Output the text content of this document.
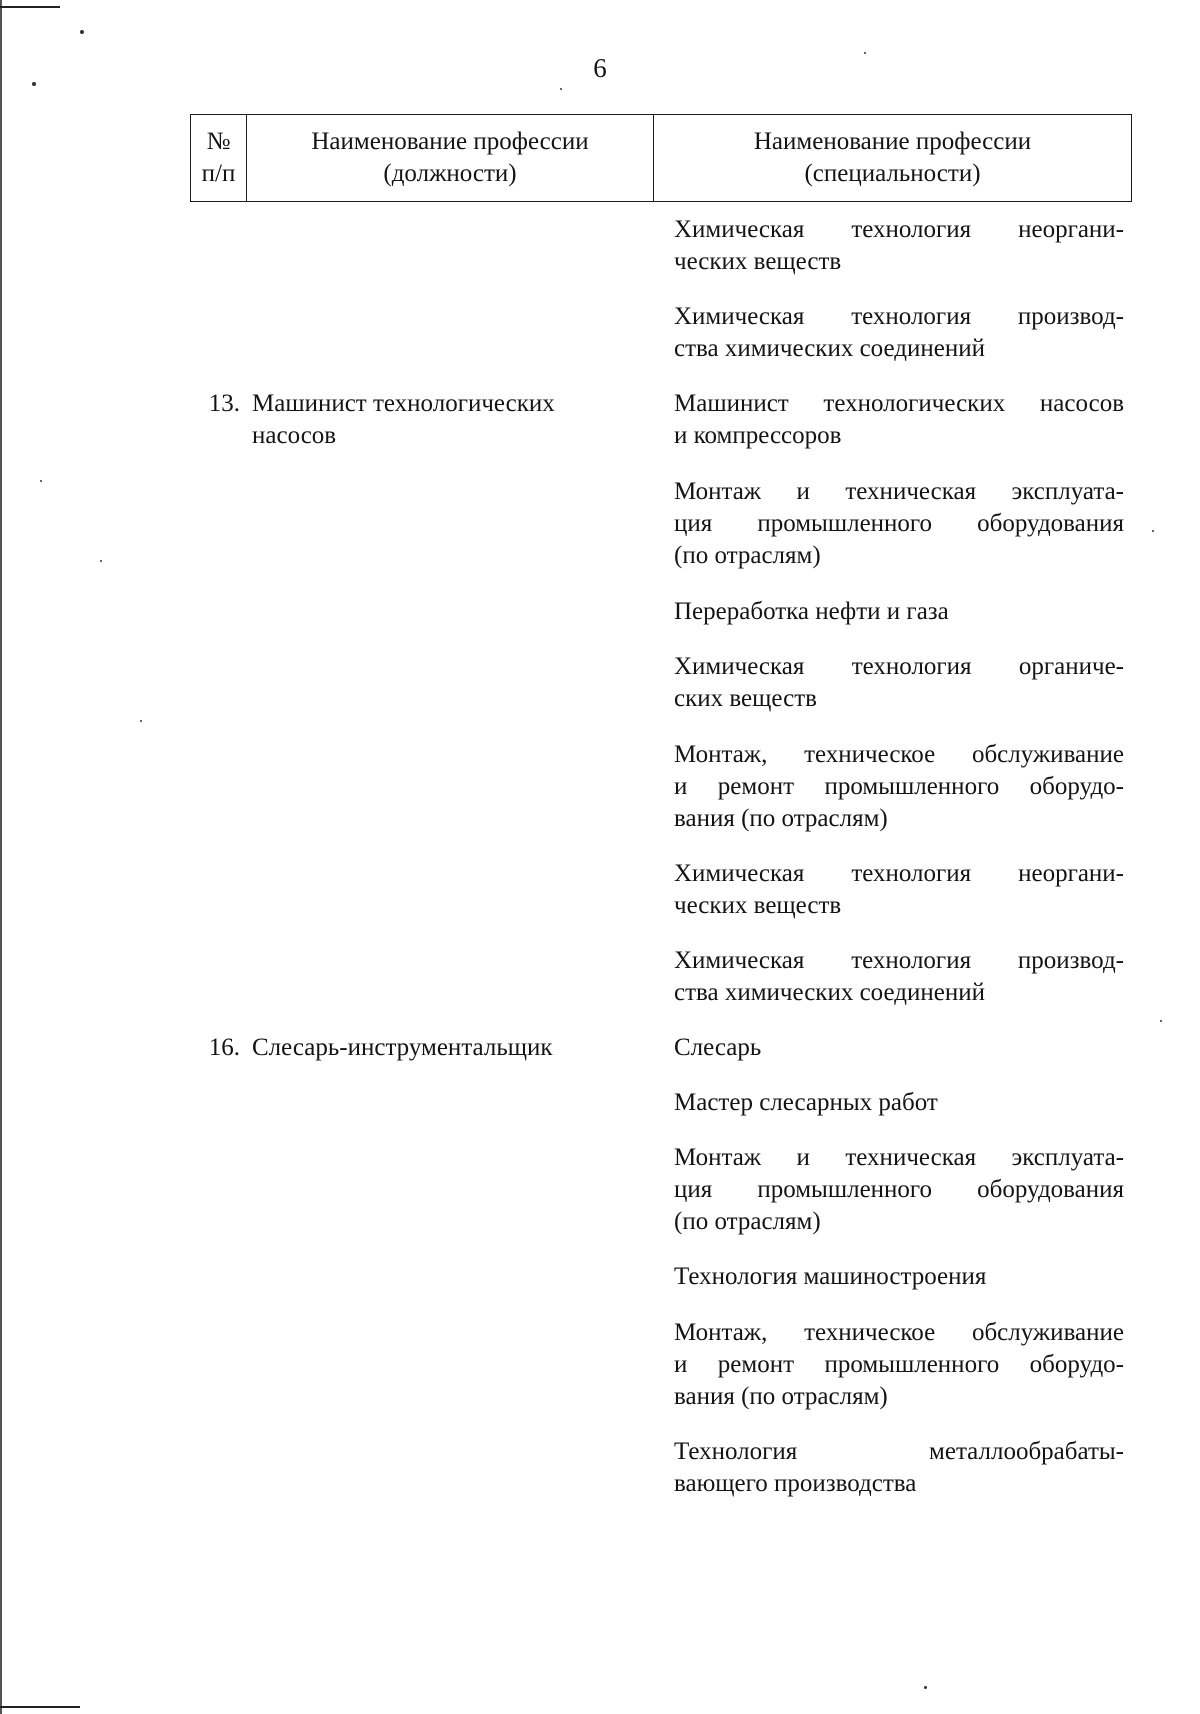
6
№
п/п
Наименование профессии
(должности)
Наименование профессии
(специальности)
Химическая технология неоргани-
ческих веществ
Химическая технология производ-
ства химических соединений
13. Машинист технологических
насосов
Машинист технологических насосов
и компрессоров
Монтаж и техническая эксплуата-
ция промышленного оборудования
(по отраслям)
Переработка нефти и газа
Химическая технология органиче-
ских веществ
Монтаж, техническое обслуживание
и ремонт промышленного оборудо-
вания (по отраслям)
Химическая технология неоргани-
ческих веществ
Химическая технология производ-
ства химических соединений
16. Слесарь-инструментальщик	Слесарь
Мастер слесарных работ
Монтаж и техническая эксплуата-
ция промышленного оборудования
(по отраслям)
Технология машиностроения
Монтаж, техническое обслуживание
и ремонт промышленного оборудо-
вания (по отраслям)
Технология металлообрабаты-
вающего производства
